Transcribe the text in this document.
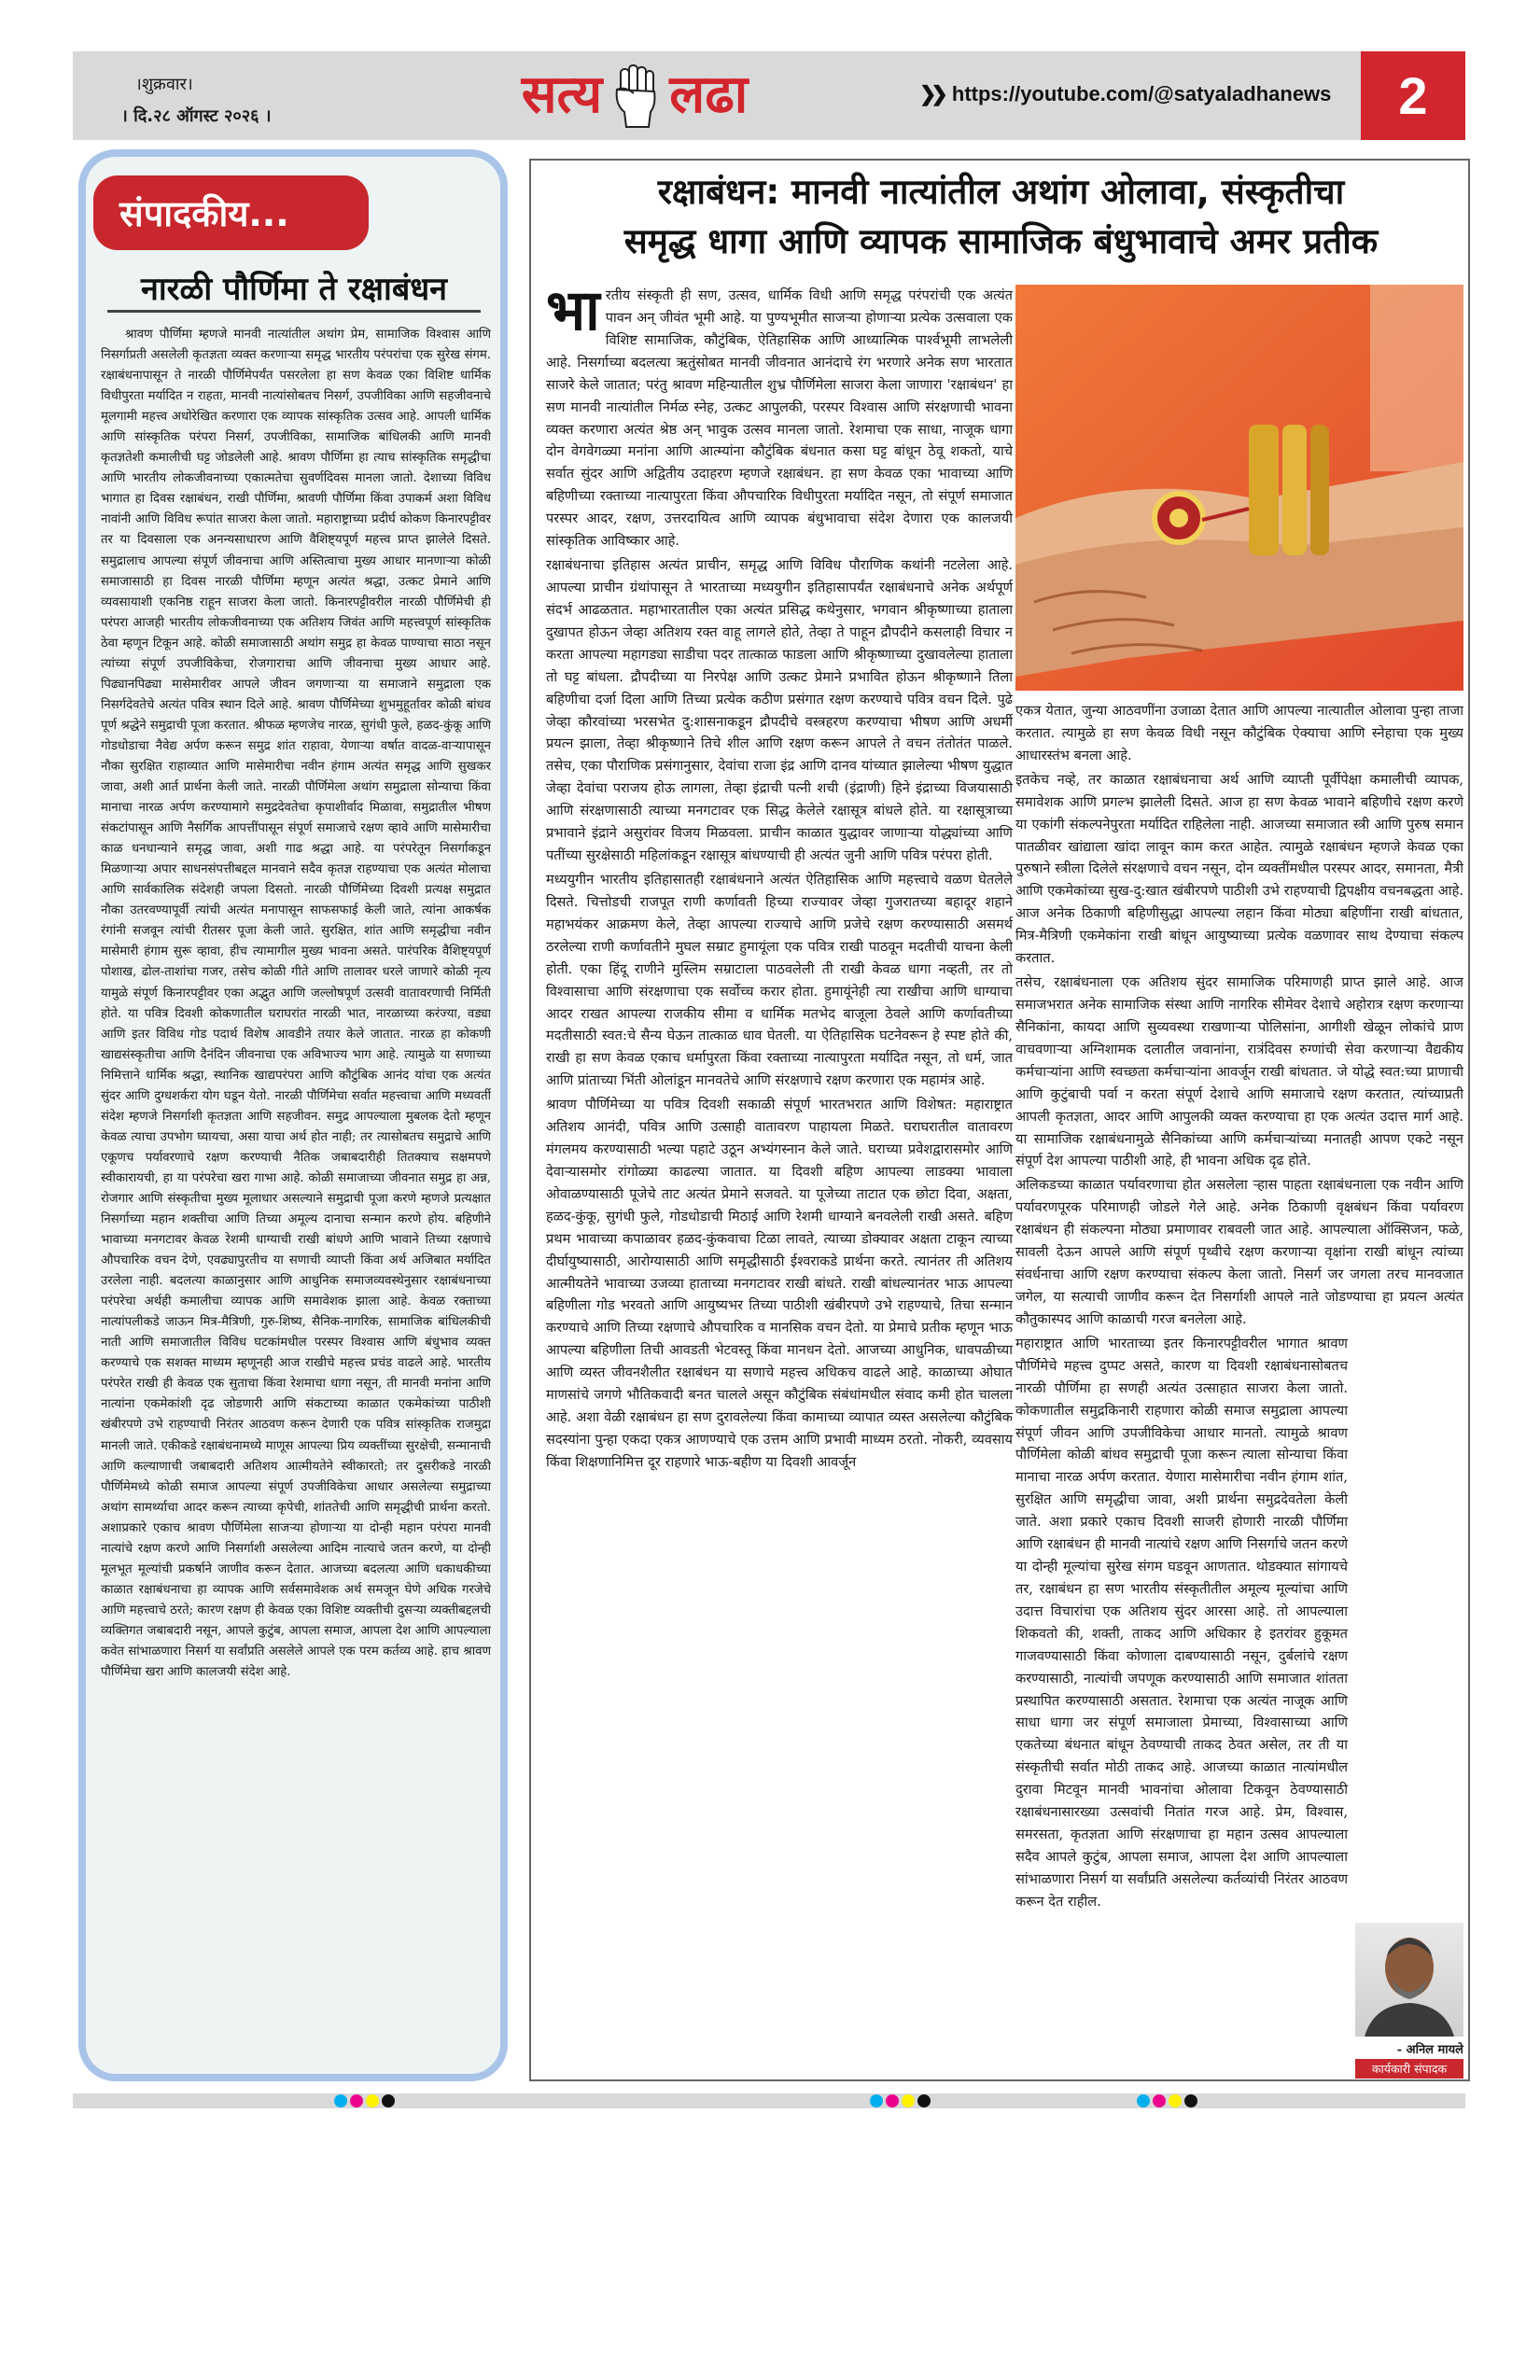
।शुक्रवार।
। दि.२८ ऑगस्ट २०२६ ।	सत्य लढा	❯❯ https://youtube.com/@satyaladhanews	2
संपादकीय...
नारळी पौर्णिमा ते रक्षाबंधन

श्रावण पौर्णिमा म्हणजे मानवी नात्यांतील अथांग प्रेम, सामाजिक विश्वास आणि निसर्गाप्रती असलेली कृतज्ञता व्यक्त करणाऱ्या समृद्ध भारतीय परंपरांचा एक सुरेख संगम. रक्षाबंधनापासून ते नारळी पौर्णिमेपर्यंत पसरलेला हा सण केवळ एका विशिष्ट धार्मिक विधीपुरता मर्यादित न राहता, मानवी नात्यांसोबतच निसर्ग, उपजीविका आणि सहजीवनाचे मूलगामी महत्त्व अधोरेखित करणारा एक व्यापक सांस्कृतिक उत्सव आहे. आपली धार्मिक आणि सांस्कृतिक परंपरा निसर्ग, उपजीविका, सामाजिक बांधिलकी आणि मानवी कृतज्ञतेशी कमालीची घट्ट जोडलेली आहे. श्रावण पौर्णिमा हा त्याच सांस्कृतिक समृद्धीचा आणि भारतीय लोकजीवनाच्या एकात्मतेचा सुवर्णदिवस मानला जातो. देशाच्या विविध भागात हा दिवस रक्षाबंधन, राखी पौर्णिमा, श्रावणी पौर्णिमा किंवा उपाकर्म अशा विविध नावांनी आणि विविध रूपांत साजरा केला जातो. महाराष्ट्राच्या प्रदीर्घ कोकण किनारपट्टीवर तर या दिवसाला एक अनन्यसाधारण आणि वैशिष्ट्यपूर्ण महत्त्व प्राप्त झालेले दिसते. समुद्रालाच आपल्या संपूर्ण जीवनाचा आणि अस्तित्वाचा मुख्य आधार मानणाऱ्या कोळी समाजासाठी हा दिवस नारळी पौर्णिमा म्हणून अत्यंत श्रद्धा, उत्कट प्रेमाने आणि व्यवसायाशी एकनिष्ठ राहून साजरा केला जातो. किनारपट्टीवरील नारळी पौर्णिमेची ही परंपरा आजही भारतीय लोकजीवनाच्या एक अतिशय जिवंत आणि महत्त्वपूर्ण सांस्कृतिक ठेवा म्हणून टिकून आहे. कोळी समाजासाठी अथांग समुद्र हा केवळ पाण्याचा साठा नसून त्यांच्या संपूर्ण उपजीविकेचा, रोजगाराचा आणि जीवनाचा मुख्य आधार आहे. पिढ्यानपिढ्या मासेमारीवर आपले जीवन जगणाऱ्या या समाजाने समुद्राला एक निसर्गदेवतेचे अत्यंत पवित्र स्थान दिले आहे. श्रावण पौर्णिमेच्या शुभमुहूर्तावर कोळी बांधव पूर्ण श्रद्धेने समुद्राची पूजा करतात. श्रीफळ म्हणजेच नारळ, सुगंधी फुले, हळद-कुंकू आणि गोडधोडाचा नैवेद्य अर्पण करून समुद्र शांत राहावा, येणाऱ्या वर्षात वादळ-वाऱ्यापासून नौका सुरक्षित राहाव्यात आणि मासेमारीचा नवीन हंगाम अत्यंत समृद्ध आणि सुखकर जावा, अशी आर्त प्रार्थना केली जाते. नारळी पौर्णिमेला अथांग समुद्राला सोन्याचा किंवा मानाचा नारळ अर्पण करण्यामागे समुद्रदेवतेचा कृपाशीर्वाद मिळावा, समुद्रातील भीषण संकटांपासून आणि नैसर्गिक आपत्तींपासून संपूर्ण समाजाचे रक्षण व्हावे आणि मासेमारीचा काळ धनधान्याने समृद्ध जावा, अशी गाढ श्रद्धा आहे. या परंपरेतून निसर्गाकडून मिळणाऱ्या अपार साधनसंपत्तीबद्दल मानवाने सदैव कृतज्ञ राहण्याचा एक अत्यंत मोलाचा आणि सार्वकालिक संदेशही जपला दिसतो. नारळी पौर्णिमेच्या दिवशी प्रत्यक्ष समुद्रात नौका उतरवण्यापूर्वी त्यांची अत्यंत मनापासून साफसफाई केली जाते, त्यांना आकर्षक रंगांनी सजवून त्यांची रीतसर पूजा केली जाते. सुरक्षित, शांत आणि समृद्धीचा नवीन मासेमारी हंगाम सुरू व्हावा, हीच त्यामागील मुख्य भावना असते. पारंपरिक वैशिष्ट्यपूर्ण पोशाख, ढोल-ताशांचा गजर, तसेच कोळी गीते आणि तालावर धरले जाणारे कोळी नृत्य यामुळे संपूर्ण किनारपट्टीवर एका अद्भुत आणि जल्लोषपूर्ण उत्सवी वातावरणाची निर्मिती होते. या पवित्र दिवशी कोकणातील घराघरांत नारळी भात, नारळाच्या करंज्या, वड्या आणि इतर विविध गोड पदार्थ विशेष आवडीने तयार केले जातात. नारळ हा कोकणी खाद्यसंस्कृतीचा आणि दैनंदिन जीवनाचा एक अविभाज्य भाग आहे. त्यामुळे या सणाच्या निमित्ताने धार्मिक श्रद्धा, स्थानिक खाद्यपरंपरा आणि कौटुंबिक आनंद यांचा एक अत्यंत सुंदर आणि दुग्धशर्करा योग घडून येतो. नारळी पौर्णिमेचा सर्वात महत्त्वाचा आणि मध्यवर्ती संदेश म्हणजे निसर्गाशी कृतज्ञता आणि सहजीवन. समुद्र आपल्याला मुबलक देतो म्हणून केवळ त्याचा उपभोग घ्यायचा, असा याचा अर्थ होत नाही; तर त्यासोबतच समुद्राचे आणि एकूणच पर्यावरणाचे रक्षण करण्याची नैतिक जबाबदारीही तितक्याच सक्षमपणे स्वीकारायची, हा या परंपरेचा खरा गाभा आहे. कोळी समाजाच्या जीवनात समुद्र हा अन्न, रोजगार आणि संस्कृतीचा मुख्य मूलाधार असल्याने समुद्राची पूजा करणे म्हणजे प्रत्यक्षात निसर्गाच्या महान शक्तीचा आणि तिच्या अमूल्य दानाचा सन्मान करणे होय. बहिणीने भावाच्या मनगटावर केवळ रेशमी धाग्याची राखी बांधणे आणि भावाने तिच्या रक्षणाचे औपचारिक वचन देणे, एवढ्यापुरतीच या सणाची व्याप्ती किंवा अर्थ अजिबात मर्यादित उरलेला नाही. बदलत्या काळानुसार आणि आधुनिक समाजव्यवस्थेनुसार रक्षाबंधनाच्या परंपरेचा अर्थही कमालीचा व्यापक आणि समावेशक झाला आहे. केवळ रक्ताच्या नात्यांपलीकडे जाऊन मित्र-मैत्रिणी, गुरु-शिष्य, सैनिक-नागरिक, सामाजिक बांधिलकीची नाती आणि समाजातील विविध घटकांमधील परस्पर विश्वास आणि बंधुभाव व्यक्त करण्याचे एक सशक्त माध्यम म्हणूनही आज राखीचे महत्त्व प्रचंड वाढले आहे. भारतीय परंपरेत राखी ही केवळ एक सुताचा किंवा रेशमाचा धागा नसून, ती मानवी मनांना आणि नात्यांना एकमेकांशी दृढ जोडणारी आणि संकटाच्या काळात एकमेकांच्या पाठीशी खंबीरपणे उभे राहण्याची निरंतर आठवण करून देणारी एक पवित्र सांस्कृतिक राजमुद्रा मानली जाते. एकीकडे रक्षाबंधनामध्ये माणूस आपल्या प्रिय व्यक्तींच्या सुरक्षेची, सन्मानाची आणि कल्याणाची जबाबदारी अतिशय आत्मीयतेने स्वीकारतो; तर दुसरीकडे नारळी पौर्णिमेमध्ये कोळी समाज आपल्या संपूर्ण उपजीविकेचा आधार असलेल्या समुद्राच्या अथांग सामर्थ्याचा आदर करून त्याच्या कृपेची, शांततेची आणि समृद्धीची प्रार्थना करतो. अशाप्रकारे एकाच श्रावण पौर्णिमेला साजऱ्या होणाऱ्या या दोन्ही महान परंपरा मानवी नात्यांचे रक्षण करणे आणि निसर्गाशी असलेल्या आदिम नात्याचे जतन करणे, या दोन्ही मूलभूत मूल्यांची प्रकर्षाने जाणीव करून देतात. आजच्या बदलत्या आणि धकाधकीच्या काळात रक्षाबंधनाचा हा व्यापक आणि सर्वसमावेशक अर्थ समजून घेणे अधिक गरजेचे आणि महत्त्वाचे ठरते; कारण रक्षण ही केवळ एका विशिष्ट व्यक्तीची दुसऱ्या व्यक्तीबद्दलची व्यक्तिगत जबाबदारी नसून, आपले कुटुंब, आपला समाज, आपला देश आणि आपल्याला कवेत सांभाळणारा निसर्ग या सर्वांप्रति असलेले आपले एक परम कर्तव्य आहे. हाच श्रावण पौर्णिमेचा खरा आणि कालजयी संदेश आहे.

रक्षाबंधन: मानवी नात्यांतील अथांग ओलावा, संस्कृतीचा
समृद्ध धागा आणि व्यापक सामाजिक बंधुभावाचे अमर प्रतीक

भारतीय संस्कृती ही सण, उत्सव, धार्मिक विधी आणि समृद्ध परंपरांची एक अत्यंत पावन अन् जीवंत भूमी आहे. या पुण्यभूमीत साजऱ्या होणाऱ्या प्रत्येक उत्सवाला एक विशिष्ट सामाजिक, कौटुंबिक, ऐतिहासिक आणि आध्यात्मिक पार्श्वभूमी लाभलेली आहे. निसर्गाच्या बदलत्या ऋतुंसोबत मानवी जीवनात आनंदाचे रंग भरणारे अनेक सण भारतात साजरे केले जातात; परंतु श्रावण महिन्यातील शुभ्र पौर्णिमेला साजरा केला जाणारा 'रक्षाबंधन' हा सण मानवी नात्यांतील निर्मळ स्नेह, उत्कट आपुलकी, परस्पर विश्वास आणि संरक्षणाची भावना व्यक्त करणारा अत्यंत श्रेष्ठ अन् भावुक उत्सव मानला जातो. रेशमाचा एक साधा, नाजूक धागा दोन वेगवेगळ्या मनांना आणि आत्म्यांना कौटुंबिक बंधनात कसा घट्ट बांधून ठेवू शकतो, याचे सर्वात सुंदर आणि अद्वितीय उदाहरण म्हणजे रक्षाबंधन. हा सण केवळ एका भावाच्या आणि बहिणीच्या रक्ताच्या नात्यापुरता किंवा औपचारिक विधीपुरता मर्यादित नसून, तो संपूर्ण समाजात परस्पर आदर, रक्षण, उत्तरदायित्व आणि व्यापक बंधुभावाचा संदेश देणारा एक कालजयी सांस्कृतिक आविष्कार आहे.

रक्षाबंधनाचा इतिहास अत्यंत प्राचीन, समृद्ध आणि विविध पौराणिक कथांनी नटलेला आहे. आपल्या प्राचीन ग्रंथांपासून ते भारताच्या मध्ययुगीन इतिहासापर्यंत रक्षाबंधनाचे अनेक अर्थपूर्ण संदर्भ आढळतात. महाभारतातील एका अत्यंत प्रसिद्ध कथेनुसार, भगवान श्रीकृष्णाच्या हाताला दुखापत होऊन जेव्हा अतिशय रक्त वाहू लागले होते, तेव्हा ते पाहून द्रौपदीने कसलाही विचार न करता आपल्या महागड्या साडीचा पदर तात्काळ फाडला आणि श्रीकृष्णाच्या दुखावलेल्या हाताला तो घट्ट बांधला. द्रौपदीच्या या निरपेक्ष आणि उत्कट प्रेमाने प्रभावित होऊन श्रीकृष्णाने तिला बहिणीचा दर्जा दिला आणि तिच्या प्रत्येक कठीण प्रसंगात रक्षण करण्याचे पवित्र वचन दिले. पुढे जेव्हा कौरवांच्या भरसभेत दु:शासनाकडून द्रौपदीचे वस्त्रहरण करण्याचा भीषण आणि अधर्मी प्रयत्न झाला, तेव्हा श्रीकृष्णाने तिचे शील आणि रक्षण करून आपले ते वचन तंतोतंत पाळले. तसेच, एका पौराणिक प्रसंगानुसार, देवांचा राजा इंद्र आणि दानव यांच्यात झालेल्या भीषण युद्धात जेव्हा देवांचा पराजय होऊ लागला, तेव्हा इंद्राची पत्नी शची (इंद्राणी) हिने इंद्राच्या विजयासाठी आणि संरक्षणासाठी त्याच्या मनगटावर एक सिद्ध केलेले रक्षासूत्र बांधले होते. या रक्षासूत्राच्या प्रभावाने इंद्राने असुरांवर विजय मिळवला. प्राचीन काळात युद्धावर जाणाऱ्या योद्ध्यांच्या आणि पतींच्या सुरक्षेसाठी महिलांकडून रक्षासूत्र बांधण्याची ही अत्यंत जुनी आणि पवित्र परंपरा होती.

मध्ययुगीन भारतीय इतिहासातही रक्षाबंधनाने अत्यंत ऐतिहासिक आणि महत्त्वाचे वळण घेतलेले दिसते. चित्तोडची राजपूत राणी कर्णावती हिच्या राज्यावर जेव्हा गुजरातच्या बहादूर शहाने महाभयंकर आक्रमण केले, तेव्हा आपल्या राज्याचे आणि प्रजेचे रक्षण करण्यासाठी असमर्थ ठरलेल्या राणी कर्णावतीने मुघल सम्राट हुमायूंला एक पवित्र राखी पाठवून मदतीची याचना केली होती. एका हिंदू राणीने मुस्लिम सम्राटाला पाठवलेली ती राखी केवळ धागा नव्हती, तर तो विश्वासाचा आणि संरक्षणाचा एक सर्वोच्च करार होता. हुमायूंनेही त्या राखीचा आणि धाग्याचा आदर राखत आपल्या राजकीय सीमा व धार्मिक मतभेद बाजूला ठेवले आणि कर्णावतीच्या मदतीसाठी स्वत:चे सैन्य घेऊन तात्काळ धाव घेतली. या ऐतिहासिक घटनेवरून हे स्पष्ट होते की, राखी हा सण केवळ एकाच धर्मापुरता किंवा रक्ताच्या नात्यापुरता मर्यादित नसून, तो धर्म, जात आणि प्रांताच्या भिंती ओलांडून मानवतेचे आणि संरक्षणाचे रक्षण करणारा एक महामंत्र आहे.

श्रावण पौर्णिमेच्या या पवित्र दिवशी सकाळी संपूर्ण भारतभरात आणि विशेषत: महाराष्ट्रात अतिशय आनंदी, पवित्र आणि उत्साही वातावरण पाहायला मिळते. घराघरातील वातावरण मंगलमय करण्यासाठी भल्या पहाटे उठून अभ्यंगस्नान केले जाते. घराच्या प्रवेशद्वारासमोर आणि देवाऱ्यासमोर रांगोळ्या काढल्या जातात. या दिवशी बहिण आपल्या लाडक्या भावाला ओवाळण्यासाठी पूजेचे ताट अत्यंत प्रेमाने सजवते. या पूजेच्या ताटात एक छोटा दिवा, अक्षता, हळद-कुंकू, सुगंधी फुले, गोडधोडाची मिठाई आणि रेशमी धाग्याने बनवलेली राखी असते. बहिण प्रथम भावाच्या कपाळावर हळद-कुंकवाचा टिळा लावते, त्याच्या डोक्यावर अक्षता टाकून त्याच्या दीर्घायुष्यासाठी, आरोग्यासाठी आणि समृद्धीसाठी ईश्वराकडे प्रार्थना करते. त्यानंतर ती अतिशय आत्मीयतेने भावाच्या उजव्या हाताच्या मनगटावर राखी बांधते. राखी बांधल्यानंतर भाऊ आपल्या बहिणीला गोड भरवतो आणि आयुष्यभर तिच्या पाठीशी खंबीरपणे उभे राहण्याचे, तिचा सन्मान करण्याचे आणि तिच्या रक्षणाचे औपचारिक व मानसिक वचन देतो. या प्रेमाचे प्रतीक म्हणून भाऊ आपल्या बहिणीला तिची आवडती भेटवस्तू किंवा मानधन देतो. आजच्या आधुनिक, धावपळीच्या आणि व्यस्त जीवनशैलीत रक्षाबंधन या सणाचे महत्त्व अधिकच वाढले आहे. काळाच्या ओघात माणसांचे जगणे भौतिकवादी बनत चालले असून कौटुंबिक संबंधांमधील संवाद कमी होत चालला आहे. अशा वेळी रक्षाबंधन हा सण दुरावलेल्या किंवा कामाच्या व्यापात व्यस्त असलेल्या कौटुंबिक सदस्यांना पुन्हा एकदा एकत्र आणण्याचे एक उत्तम आणि प्रभावी माध्यम ठरतो. नोकरी, व्यवसाय किंवा शिक्षणानिमित्त दूर राहणारे भाऊ-बहीण या दिवशी आवर्जून

एकत्र येतात, जुन्या आठवणींना उजाळा देतात आणि आपल्या नात्यातील ओलावा पुन्हा ताजा करतात. त्यामुळे हा सण केवळ विधी नसून कौटुंबिक ऐक्याचा आणि स्नेहाचा एक मुख्य आधारस्तंभ बनला आहे.

इतकेच नव्हे, तर काळात रक्षाबंधनाचा अर्थ आणि व्याप्ती पूर्वीपेक्षा कमालीची व्यापक, समावेशक आणि प्रगल्भ झालेली दिसते. आज हा सण केवळ भावाने बहिणीचे रक्षण करणे या एकांगी संकल्पनेपुरता मर्यादित राहिलेला नाही. आजच्या समाजात स्त्री आणि पुरुष समान पातळीवर खांद्याला खांदा लावून काम करत आहेत. त्यामुळे रक्षाबंधन म्हणजे केवळ एका पुरुषाने स्त्रीला दिलेले संरक्षणाचे वचन नसून, दोन व्यक्तींमधील परस्पर आदर, समानता, मैत्री आणि एकमेकांच्या सुख-दु:खात खंबीरपणे पाठीशी उभे राहण्याची द्विपक्षीय वचनबद्धता आहे. आज अनेक ठिकाणी बहिणीसुद्धा आपल्या लहान किंवा मोठ्या बहिणींना राखी बांधतात, मित्र-मैत्रिणी एकमेकांना राखी बांधून आयुष्याच्या प्रत्येक वळणावर साथ देण्याचा संकल्प करतात.

तसेच, रक्षाबंधनाला एक अतिशय सुंदर सामाजिक परिमाणही प्राप्त झाले आहे. आज समाजभरात अनेक सामाजिक संस्था आणि नागरिक सीमेवर देशाचे अहोरात्र रक्षण करणाऱ्या सैनिकांना, कायदा आणि सुव्यवस्था राखणाऱ्या पोलिसांना, आगीशी खेळून लोकांचे प्राण वाचवणाऱ्या अग्निशामक दलातील जवानांना, रात्रंदिवस रुग्णांची सेवा करणाऱ्या वैद्यकीय कर्मचाऱ्यांना आणि स्वच्छता कर्मचाऱ्यांना आवर्जून राखी बांधतात. जे योद्धे स्वत:च्या प्राणाची आणि कुटुंबाची पर्वा न करता संपूर्ण देशाचे आणि समाजाचे रक्षण करतात, त्यांच्याप्रती आपली कृतज्ञता, आदर आणि आपुलकी व्यक्त करण्याचा हा एक अत्यंत उदात्त मार्ग आहे. या सामाजिक रक्षाबंधनामुळे सैनिकांच्या आणि कर्मचाऱ्यांच्या मनातही आपण एकटे नसून संपूर्ण देश आपल्या पाठीशी आहे, ही भावना अधिक दृढ होते.

अलिकडच्या काळात पर्यावरणाचा होत असलेला ऱ्हास पाहता रक्षाबंधनाला एक नवीन आणि पर्यावरणपूरक परिमाणही जोडले गेले आहे. अनेक ठिकाणी वृक्षबंधन किंवा पर्यावरण रक्षाबंधन ही संकल्पना मोठ्या प्रमाणावर राबवली जात आहे. आपल्याला ऑक्सिजन, फळे, सावली देऊन आपले आणि संपूर्ण पृथ्वीचे रक्षण करणाऱ्या वृक्षांना राखी बांधून त्यांच्या संवर्धनाचा आणि रक्षण करण्याचा संकल्प केला जातो. निसर्ग जर जगला तरच मानवजात जगेल, या सत्याची जाणीव करून देत निसर्गाशी आपले नाते जोडण्याचा हा प्रयत्न अत्यंत कौतुकास्पद आणि काळाची गरज बनलेला आहे.

महाराष्ट्रात आणि भारताच्या इतर किनारपट्टीवरील भागात श्रावण पौर्णिमेचे महत्त्व दुप्पट असते, कारण या दिवशी रक्षाबंधनासोबतच नारळी पौर्णिमा हा सणही अत्यंत उत्साहात साजरा केला जातो. कोकणातील समुद्रकिनारी राहणारा कोळी समाज समुद्राला आपल्या संपूर्ण जीवन आणि उपजीविकेचा आधार मानतो. त्यामुळे श्रावण पौर्णिमेला कोळी बांधव समुद्राची पूजा करून त्याला सोन्याचा किंवा मानाचा नारळ अर्पण करतात. येणारा मासेमारीचा नवीन हंगाम शांत, सुरक्षित आणि समृद्धीचा जावा, अशी प्रार्थना समुद्रदेवतेला केली जाते. अशा प्रकारे एकाच दिवशी साजरी होणारी नारळी पौर्णिमा आणि रक्षाबंधन ही मानवी नात्यांचे रक्षण आणि निसर्गाचे जतन करणे या दोन्ही मूल्यांचा सुरेख संगम घडवून आणतात. थोडक्यात सांगायचे तर, रक्षाबंधन हा सण भारतीय संस्कृतीतील अमूल्य मूल्यांचा आणि उदात्त विचारांचा एक अतिशय सुंदर आरसा आहे. तो आपल्याला शिकवतो की, शक्ती, ताकद आणि अधिकार हे इतरांवर हुकूमत गाजवण्यासाठी किंवा कोणाला दाबण्यासाठी नसून, दुर्बलांचे रक्षण करण्यासाठी, नात्यांची जपणूक करण्यासाठी आणि समाजात शांतता प्रस्थापित करण्यासाठी असतात. रेशमाचा एक अत्यंत नाजूक आणि साधा धागा जर संपूर्ण समाजाला प्रेमाच्या, विश्वासाच्या आणि एकतेच्या बंधनात बांधून ठेवण्याची ताकद ठेवत असेल, तर ती या संस्कृतीची सर्वात मोठी ताकद आहे. आजच्या काळात नात्यांमधील दुरावा मिटवून मानवी भावनांचा ओलावा टिकवून ठेवण्यासाठी रक्षाबंधनासारख्या उत्सवांची नितांत गरज आहे. प्रेम, विश्वास, समरसता, कृतज्ञता आणि संरक्षणाचा हा महान उत्सव आपल्याला सदैव आपले कुटुंब, आपला समाज, आपला देश आणि आपल्याला सांभाळणारा निसर्ग या सर्वांप्रति असलेल्या कर्तव्यांची निरंतर आठवण करून देत राहील.

- अनिल मायले
कार्यकारी संपादक
